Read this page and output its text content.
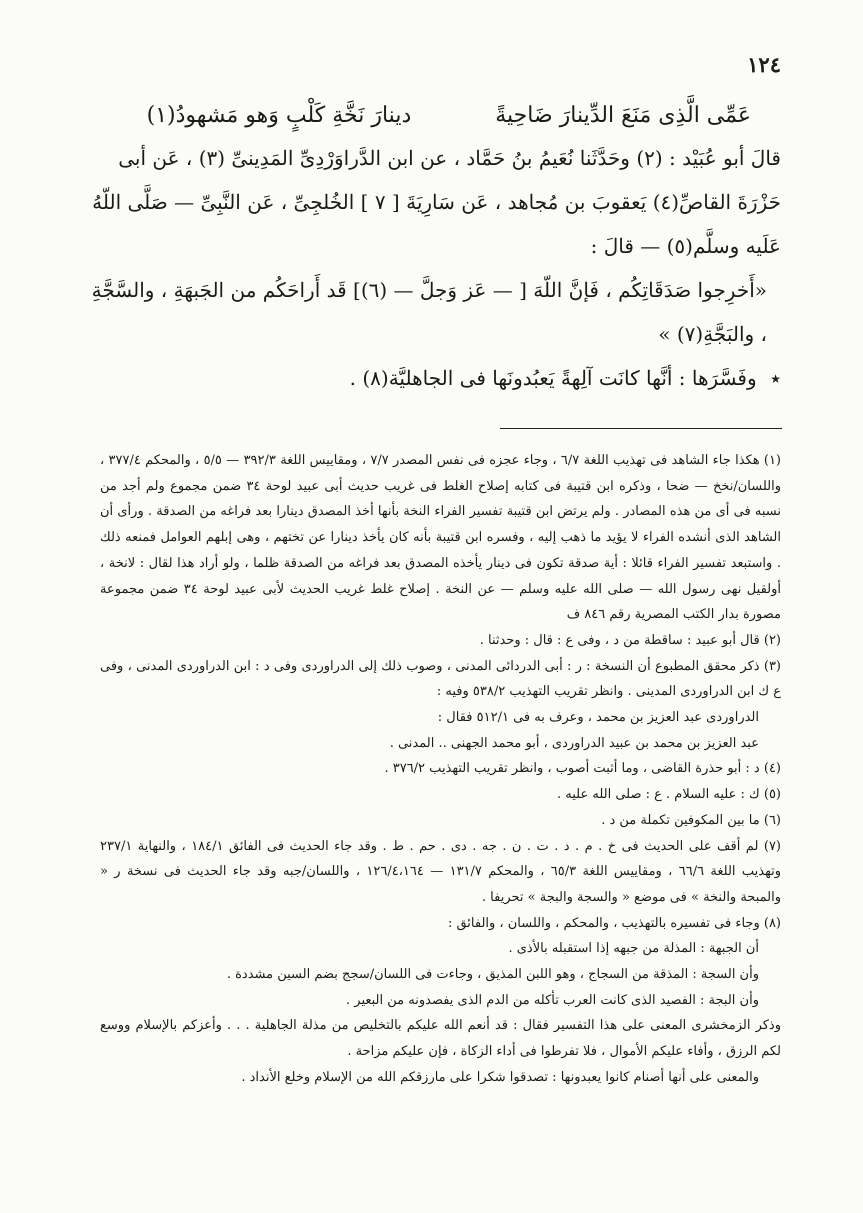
١٢٤

عَمِّى الَّذِى مَنَعَ الدِّينارَ ضَاحِيةً  دينارَ نَخَّةِ كَلْبٍ وَهو مَشهودُ(١)

قالَ أبو عُبَيْد : (٢) وحَدَّثَنا نُعَيمُ بنُ حَمَّاد ، عن ابن الدَّراوَرْدِىِّ المَدِينىِّ (٣) ، عَن أبى حَزْرَةَ القاصِّ(٤) يَعقوبَ بن مُجاهد ، عَن سَارِيَةَ [ ٧ ] الخُلجِىِّ ، عَن النَّبِىِّ — صَلَّى اللّهُ عَلَيه وسلَّم(٥) — قالَ :

«أَخرِجوا صَدَقَاتِكُم ، فَإنَّ اللّهَ [ — عَز وَجلَّ — (٦)] قَد أَراحَكُم من الجَبهَةِ ، والسَّجَّةِ ، والبَجَّةِ(٧) »

٭ وفَسَّرَها : أنَّها كانَت آلِهةً يَعبُدونَها فى الجاهليَّة(٨) .

(١) هكذا جاء الشاهد فى تهذيب اللغة ٦/٧ ، وجاء عجزه فى نفس المصدر ٧/٧ ، ومقاييس اللغة ٣٩٢/٣ — ٥/٥ ، والمحكم ٣٧٧/٤ ، واللسان/نخخ — ضحا ، وذكره ابن قتيبة فى كتابه إصلاح الغلط فى غريب حديث أبى عبيد لوحة ٣٤ ضمن مجموع ولم أجد من نسبه فى أى من هذه المصادر . ولم يرتض ابن قتيبة تفسير الفراء النخة بأنها أخذ المصدق دينارا بعد فراغه من الصدقة . ورأى أن الشاهد الذى أنشده الفراء لا يؤيد ما ذهب إليه ، وفسره ابن قتيبة بأنه كان يأخذ دينارا عن تختهم ، وهى إبلهم العوامل فمنعه ذلك . واستبعد تفسير الفراء قائلا : أية صدقة تكون فى دينار يأخذه المصدق بعد فراغه من الصدقة ظلما ، ولو أراد هذا لقال : لانخة ، أولقيل نهى رسول الله — صلى الله عليه وسلم — عن النخة . إصلاح غلط غريب الحديث لأبى عبيد لوحة ٣٤ ضمن مجموعة مصورة بدار الكتب المصرية رقم ٨٤٦ ف

(٢) قال أبو عبيد : ساقطة من د ، وفى ع : قال : وحدثنا .

(٣) ذكر محقق المطبوع أن النسخة : ر : أبى الدردائى المدنى ، وصوب ذلك إلى الدراوردى وفى د : ابن الدراوردى المدنى ، وفى ع ك ابن الدراوردى المدينى . وانظر تقريب التهذيب ٥٣٨/٢ وفيه :

الدراوردى عبد العزيز بن محمد ، وعرف به فى ٥١٢/١ فقال :

عبد العزيز بن محمد بن عبيد الدراوردى ، أبو محمد الجهنى .. المدنى .

(٤) د : أبو حذرة القاضى ، وما أثبت أصوب ، وانظر تقريب التهذيب ٣٧٦/٢ .

(٥) ك : عليه السلام . ع : صلى الله عليه .

(٦) ما بين المكوفين تكملة من د .

(٧) لم أقف على الحديث فى خ . م . د . ت . ن . جه . دى . حم . ط . وقد جاء الحديث فى الفائق ١٨٤/١ ، والنهاية ٢٣٧/١ وتهذيب اللغة ٦٦/٦ ، ومقاييس اللغة ٦٥/٣ ، والمحكم ١٣١/٧ — ١٢٦/٤،١٦٤ ، واللسان/جبه وقد جاء الحديث فى نسخة ر « والمبحة والنخة » فى موضع « والسجة والبجة » تحريفا .

(٨) وجاء فى تفسيره بالتهذيب ، والمحكم ، واللسان ، والفائق :

أن الجبهة : المذلة من جبهه إذا استقبله بالأذى .

وأن السجة : المذقة من السجاج ، وهو اللبن المذيق ، وجاءت فى اللسان/سجج بضم السين مشددة .

وأن البجة : الفصيد الذى كانت العرب تأكله من الدم الذى يفصدونه من البعير .

وذكر الزمخشرى المعنى على هذا التفسير فقال : قد أنعم الله عليكم بالتخليص من مذلة الجاهلية . . . وأعزكم بالإسلام ووسع لكم الرزق ، وأفاء عليكم الأموال ، فلا تفرطوا فى أداء الزكاة ، فإن عليكم مزاحة .

والمعنى على أنها أصنام كانوا يعبدونها : تصدقوا شكرا على مارزقكم الله من الإسلام وخلع الأنداد .
